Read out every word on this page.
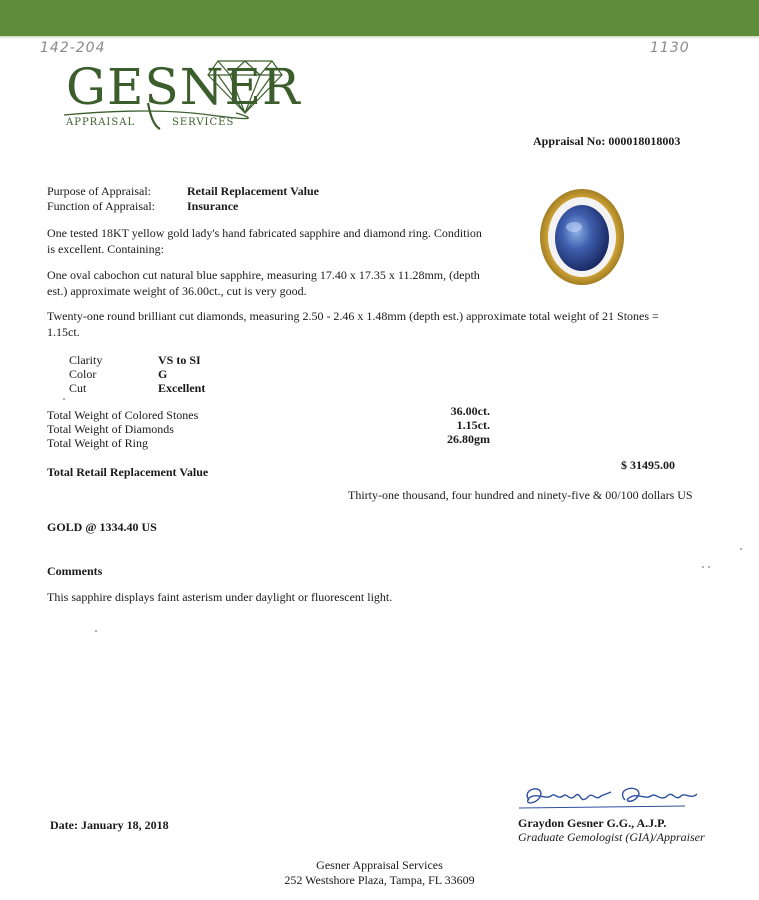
142-204	1130
GESNER
APPRAISAL	SERVICES
Appraisal No: 000018018003
Purpose of Appraisal:	Retail Replacement Value
Function of Appraisal:	Insurance
One tested 18KT yellow gold lady's hand fabricated sapphire and diamond ring. Condition
is excellent. Containing:
One oval cabochon cut natural blue sapphire, measuring 17.40 x 17.35 x 11.28mm, (depth
est.) approximate weight of 36.00ct., cut is very good.
Twenty-one round brilliant cut diamonds, measuring 2.50 - 2.46 x 1.48mm (depth est.) approximate total weight of 21 Stones =
1.15ct.
Clarity	VS to SI
Color	G
Cut	Excellent
Total Weight of Colored Stones	36.00ct.
Total Weight of Diamonds	1.15ct.
Total Weight of Ring	26.80gm
Total Retail Replacement Value	$ 31495.00
Thirty-one thousand, four hundred and ninety-five & 00/100 dollars US
GOLD @ 1334.40 US
Comments
This sapphire displays faint asterism under daylight or fluorescent light.
Date: January 18, 2018	Graydon Gesner G.G., A.J.P.
Graduate Gemologist (GIA)/Appraiser
Gesner Appraisal Services
252 Westshore Plaza, Tampa, FL 33609
